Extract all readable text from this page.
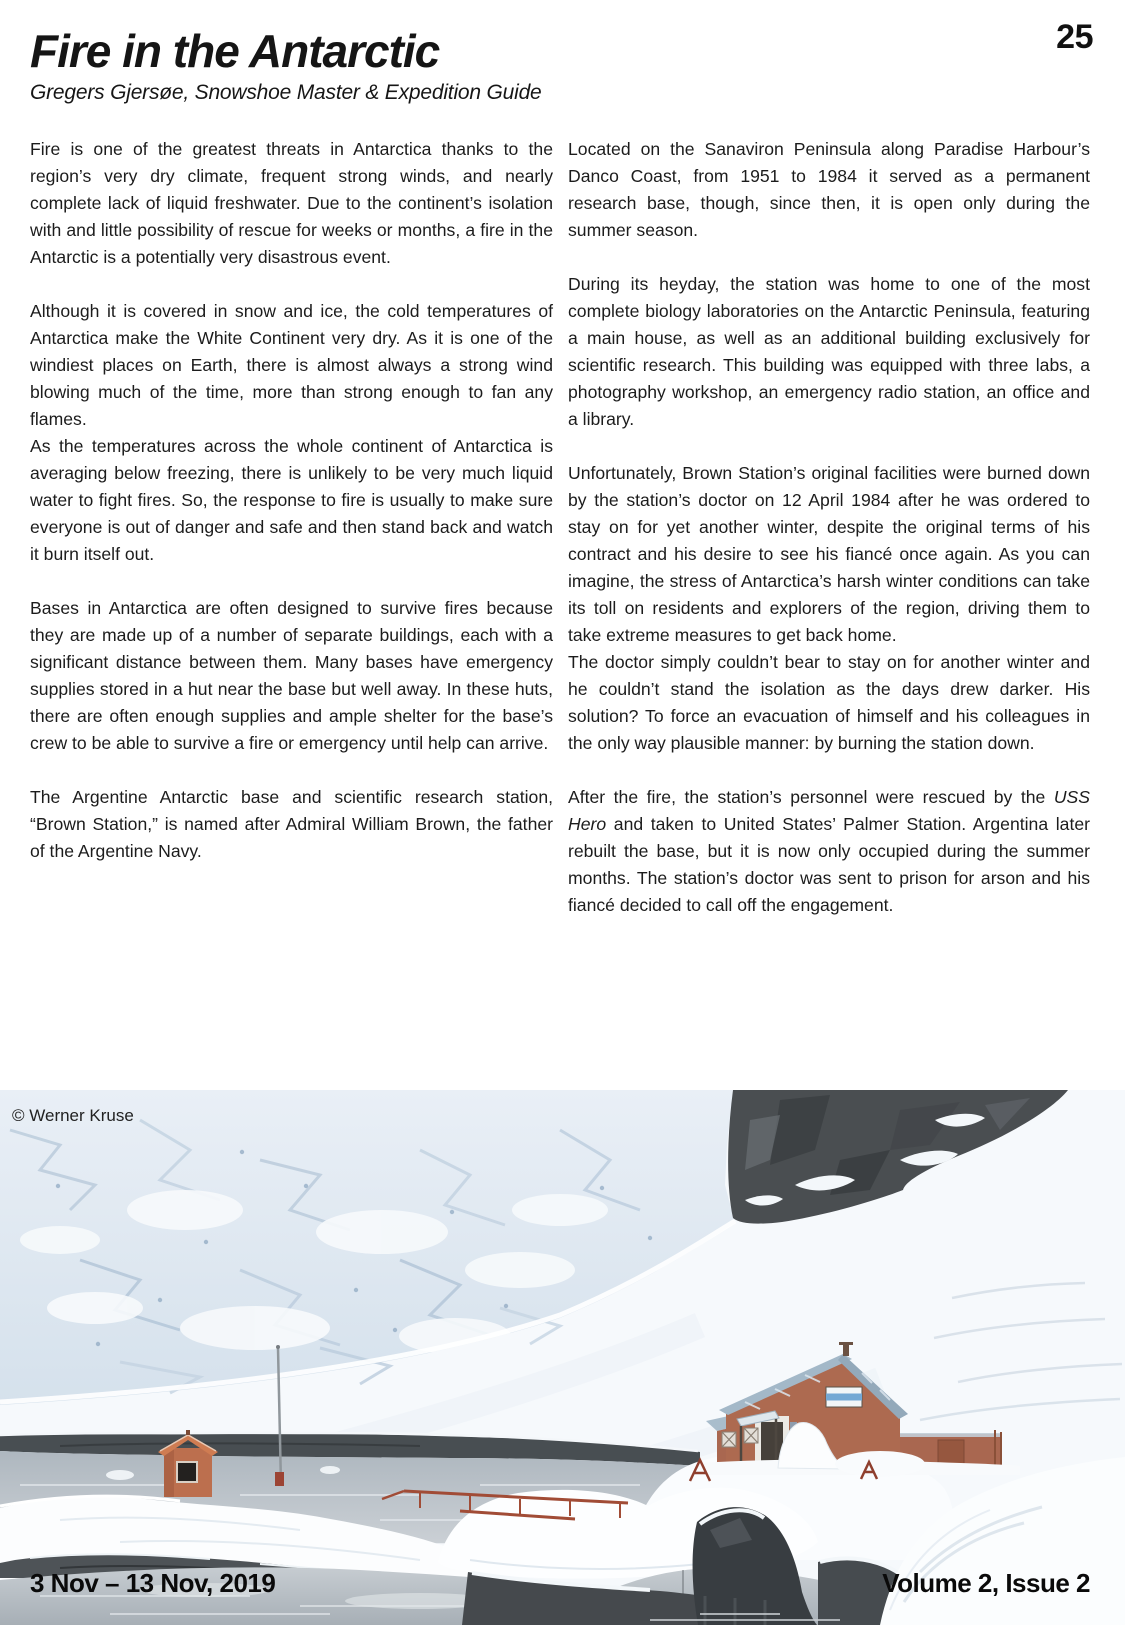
25
Fire in the Antarctic
Gregers Gjersøe, Snowshoe Master & Expedition Guide

Fire is one of the greatest threats in Antarctica thanks to the region’s very dry climate, frequent strong winds, and nearly complete lack of liquid freshwater. Due to the continent’s isolation with and little possibility of rescue for weeks or months, a fire in the Antarctic is a potentially very disastrous event.

Although it is covered in snow and ice, the cold temperatures of Antarctica make the White Continent very dry. As it is one of the windiest places on Earth, there is almost always a strong wind blowing much of the time, more than strong enough to fan any flames.

As the temperatures across the whole continent of Antarctica is averaging below freezing, there is unlikely to be very much liquid water to fight fires. So, the response to fire is usually to make sure everyone is out of danger and safe and then stand back and watch it burn itself out.

Bases in Antarctica are often designed to survive fires because they are made up of a number of separate buildings, each with a significant distance between them. Many bases have emergency supplies stored in a hut near the base but well away. In these huts, there are often enough supplies and ample shelter for the base’s crew to be able to survive a fire or emergency until help can arrive.

The Argentine Antarctic base and scientific research station, “Brown Station,” is named after Admiral William Brown, the father of the Argentine Navy.

Located on the Sanaviron Peninsula along Paradise Harbour’s Danco Coast, from 1951 to 1984 it served as a permanent research base, though, since then, it is open only during the summer season.

During its heyday, the station was home to one of the most complete biology laboratories on the Antarctic Peninsula, featuring a main house, as well as an additional building exclusively for scientific research. This building was equipped with three labs, a photography workshop, an emergency radio station, an office and a library.

Unfortunately, Brown Station’s original facilities were burned down by the station’s doctor on 12 April 1984 after he was ordered to stay on for yet another winter, despite the original terms of his contract and his desire to see his fiancé once again. As you can imagine, the stress of Antarctica’s harsh winter conditions can take its toll on residents and explorers of the region, driving them to take extreme measures to get back home.

The doctor simply couldn’t bear to stay on for another winter and he couldn’t stand the isolation as the days drew darker. His solution? To force an evacuation of himself and his colleagues in the only way plausible manner: by burning the station down.

After the fire, the station’s personnel were rescued by the USS Hero and taken to United States’ Palmer Station. Argentina later rebuilt the base, but it is now only occupied during the summer months. The station’s doctor was sent to prison for arson and his fiancé decided to call off the engagement.

© Werner Kruse
3 Nov – 13 Nov, 2019	Volume 2, Issue 2
